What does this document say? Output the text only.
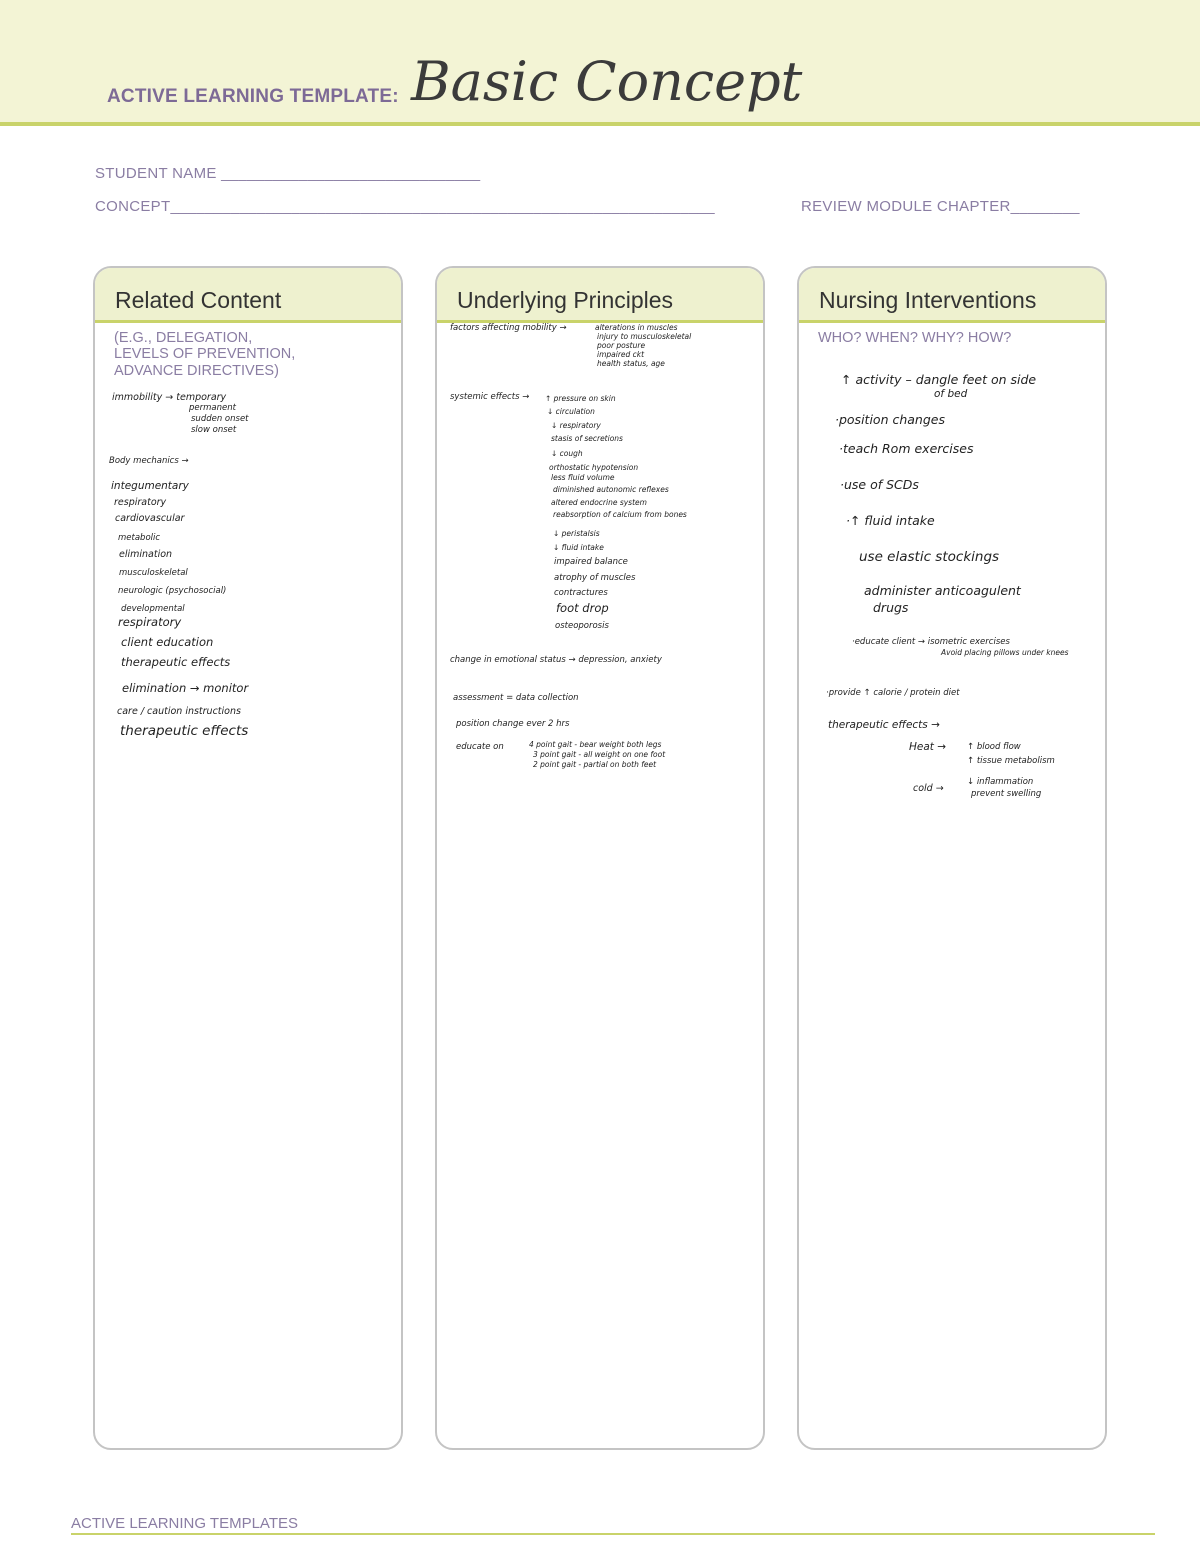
ACTIVE LEARNING TEMPLATE: Basic Concept
STUDENT NAME ______________________________
CONCEPT_______________________________________________________________	REVIEW MODULE CHAPTER________
Related Content
(E.G., DELEGATION,
LEVELS OF PREVENTION,
ADVANCE DIRECTIVES)
immobility → temporary
permanent
sudden onset
slow onset
Body mechanics →
integumentary
respiratory
cardiovascular
metabolic
elimination
musculoskeletal
neurologic (psychosocial)
developmental
respiratory
client education
therapeutic effects
elimination → monitor
care / caution instructions
therapeutic effects
Underlying Principles
factors affecting mobility →	alterations in muscles
injury to musculoskeletal
poor posture
impaired ckt
health status, age
systemic effects → ↑ pressure on skin
↓ circulation
↓ respiratory
stasis of secretions
↓ cough
orthostatic hypotension
less fluid volume
diminished autonomic reflexes
altered endocrine system
reabsorption of calcium from bones
↓ peristalsis
↓ fluid intake
impaired balance
atrophy of muscles
contractures
foot drop
osteoporosis
change in emotional status → depression, anxiety
assessment = data collection
position change ever 2 hrs
educate on	4 point gait - bear weight both legs
3 point gait - all weight on one foot
2 point gait - partial on both feet
Nursing Interventions
WHO? WHEN? WHY? HOW?
↑ activity – dangle feet on side
of bed
·position changes
·teach Rom exercises
·use of SCDs
·↑ fluid intake
use elastic stockings
administer anticoagulent
drugs
·educate client → isometric exercises
Avoid placing pillows under knees
·provide ↑ calorie / protein diet
therapeutic effects →
Heat → ↑ blood flow
↑ tissue metabolism
cold →
↓ inflammation
prevent swelling
ACTIVE LEARNING TEMPLATES
